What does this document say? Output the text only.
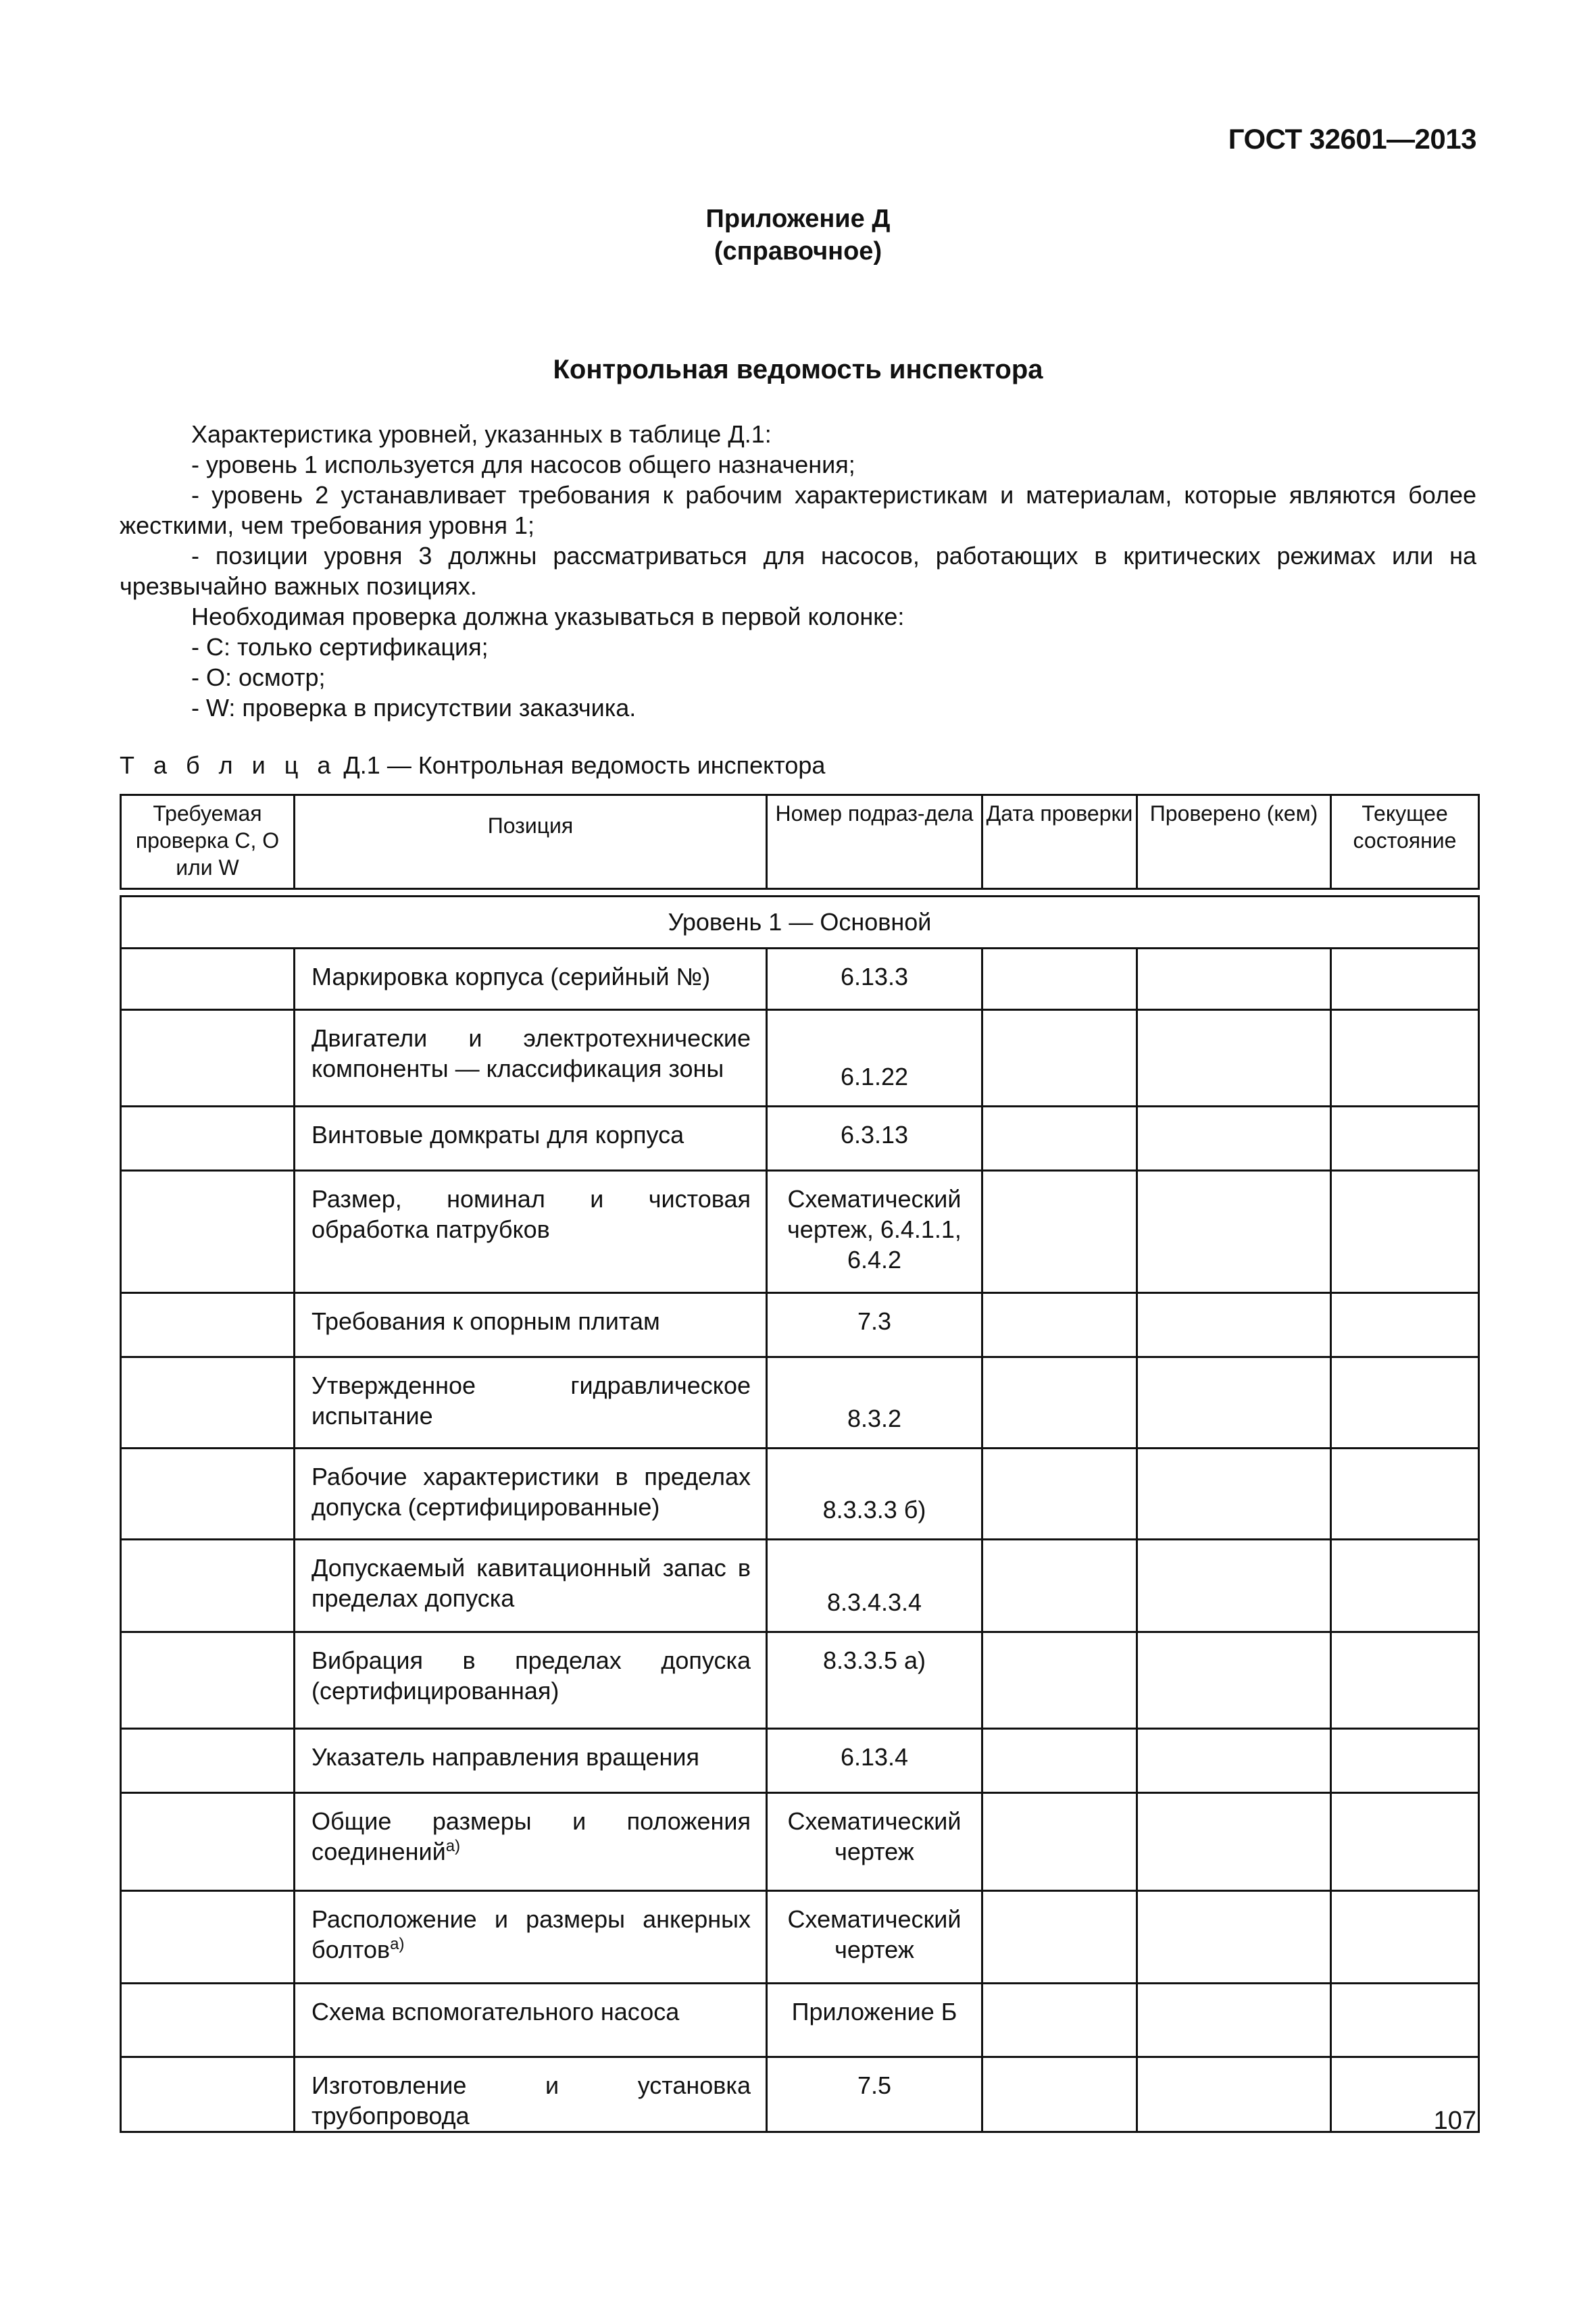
ГОСТ 32601—2013
Приложение Д
(справочное)
Контрольная ведомость инспектора

Характеристика уровней, указанных в таблице Д.1:

- уровень 1 используется для насосов общего назначения;

- уровень 2 устанавливает требования к рабочим характеристикам и материалам, которые являются более жесткими, чем требования уровня 1;

- позиции уровня 3 должны рассматриваться для насосов, работающих в критических режимах или на чрезвычайно важных позициях.

Необходимая проверка должна указываться в первой колонке:

- С: только сертификация;

- О: осмотр;

- W: проверка в присутствии заказчика.

Т а б л и ц а Д.1 — Контрольная ведомость инспектора
Требуемая проверка С, О или W	Позиция	Номер подраз-дела	Дата проверки	Проверено (кем)	Текущее состояние

Уровень 1 — Основной					
	Маркировка корпуса (серийный №)	6.13.3			
	Двигатели и электротехнические компоненты — классификация зоны	6.1.22			
	Винтовые домкраты для корпуса	6.3.13			
	Размер, номинал и чистовая обработка патрубков	Схематический чертеж, 6.4.1.1, 6.4.2			
	Требования к опорным плитам	7.3			
	Утвержденное гидравлическое испытание	8.3.2			
	Рабочие характеристики в пределах допуска (сертифицированные)	8.3.3.3 б)			
	Допускаемый кавитационный запас в пределах допуска	8.3.4.3.4			
	Вибрация в пределах допуска (сертифицированная)	8.3.3.5 а)			
	Указатель направления вращения	6.13.4			
	Общие размеры и положения соединений$^{а)}$	Схематический чертеж			
	Расположение и размеры анкерных болтов$^{а)}$	Схематический чертеж			
	Схема вспомогательного насоса	Приложение Б			
	Изготовление и установка трубопровода	7.5			
107
